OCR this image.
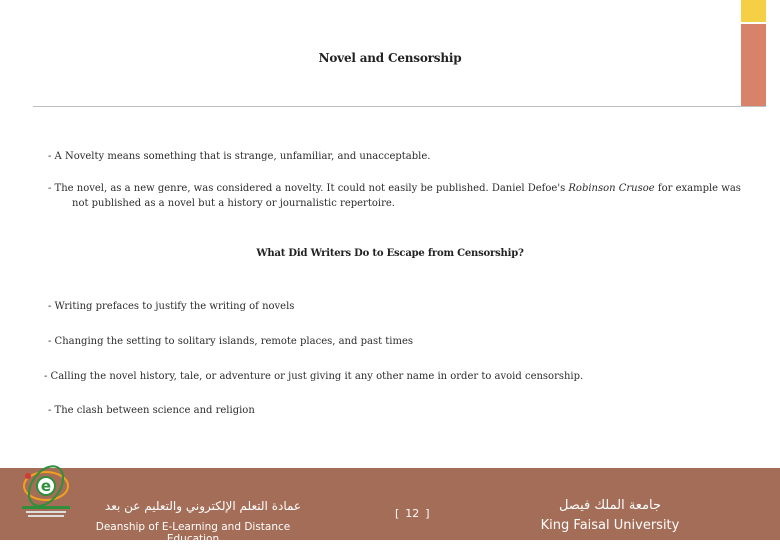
Novel and Censorship
- A Novelty means something that is strange, unfamiliar, and unacceptable.
- The novel, as a new genre, was considered a novelty. It could not easily be published. Daniel Defoe's Robinson Crusoe for example was
not published as a novel but a history or journalistic repertoire.
What Did Writers Do to Escape from Censorship?
- Writing prefaces to justify the writing of novels
- Changing the setting to solitary islands, remote places, and past times
- Calling the novel history, tale, or adventure or just giving it any other name in order to avoid censorship.
- The clash between science and religion
e
عمادة التعلم الإلكتروني والتعليم عن بعد
Deanship of E-Learning and Distance Education
[ 12 ]
جامعة الملك فيصل
King Faisal University
